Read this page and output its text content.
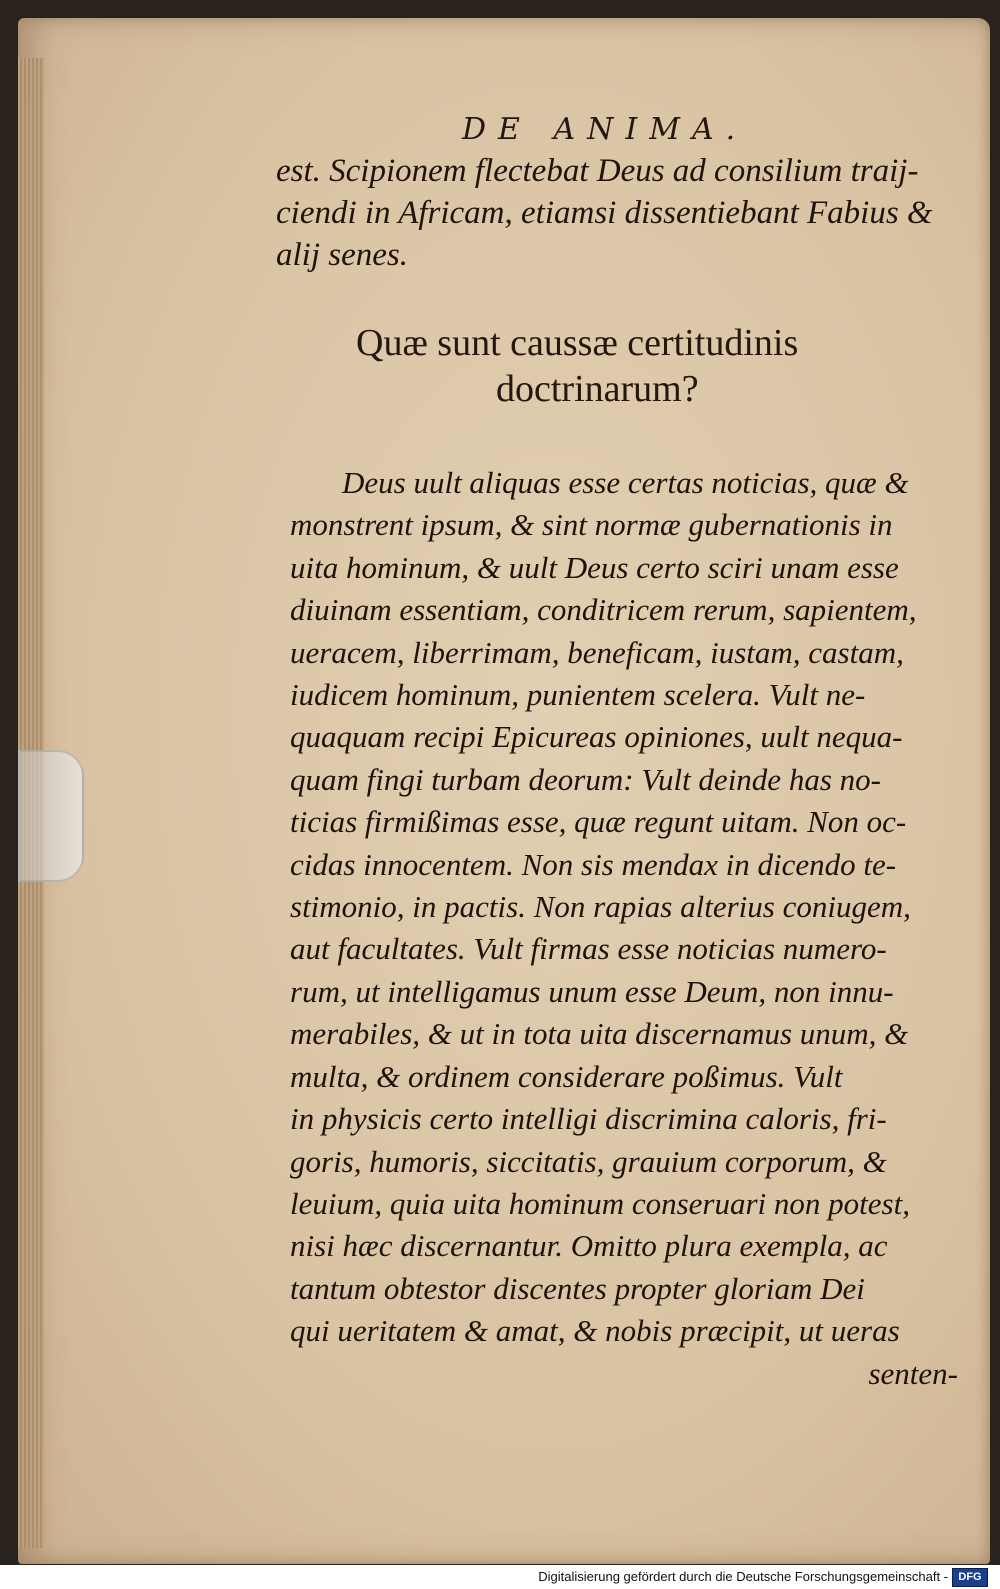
DE ANIMA.
est. Scipionem flectebat Deus ad consilium traij-
ciendi in Africam, etiamsi dissentiebant Fabius &
alij senes.
Quæ sunt caussæ certitudinis
doctrinarum?
Deus uult aliquas esse certas noticias, quæ &
monstrent ipsum, & sint normæ gubernationis in
uita hominum, & uult Deus certo sciri unam esse
diuinam essentiam, conditricem rerum, sapientem,
ueracem, liberrimam, beneficam, iustam, castam,
iudicem hominum, punientem scelera. Vult ne-
quaquam recipi Epicureas opiniones, uult nequa-
quam fingi turbam deorum: Vult deinde has no-
ticias firmißimas esse, quæ regunt uitam. Non oc-
cidas innocentem. Non sis mendax in dicendo te-
stimonio, in pactis. Non rapias alterius coniugem,
aut facultates. Vult firmas esse noticias numero-
rum, ut intelligamus unum esse Deum, non innu-
merabiles, & ut in tota uita discernamus unum, &
multa, & ordinem considerare poßimus. Vult
in physicis certo intelligi discrimina caloris, fri-
goris, humoris, siccitatis, grauium corporum, &
leuium, quia uita hominum conseruari non potest,
nisi hæc discernantur. Omitto plura exempla, ac
tantum obtestor discentes propter gloriam Dei
qui ueritatem & amat, & nobis præcipit, ut ueras
senten-
Digitalisierung gefördert durch die Deutsche Forschungsgemeinschaft - DFG
